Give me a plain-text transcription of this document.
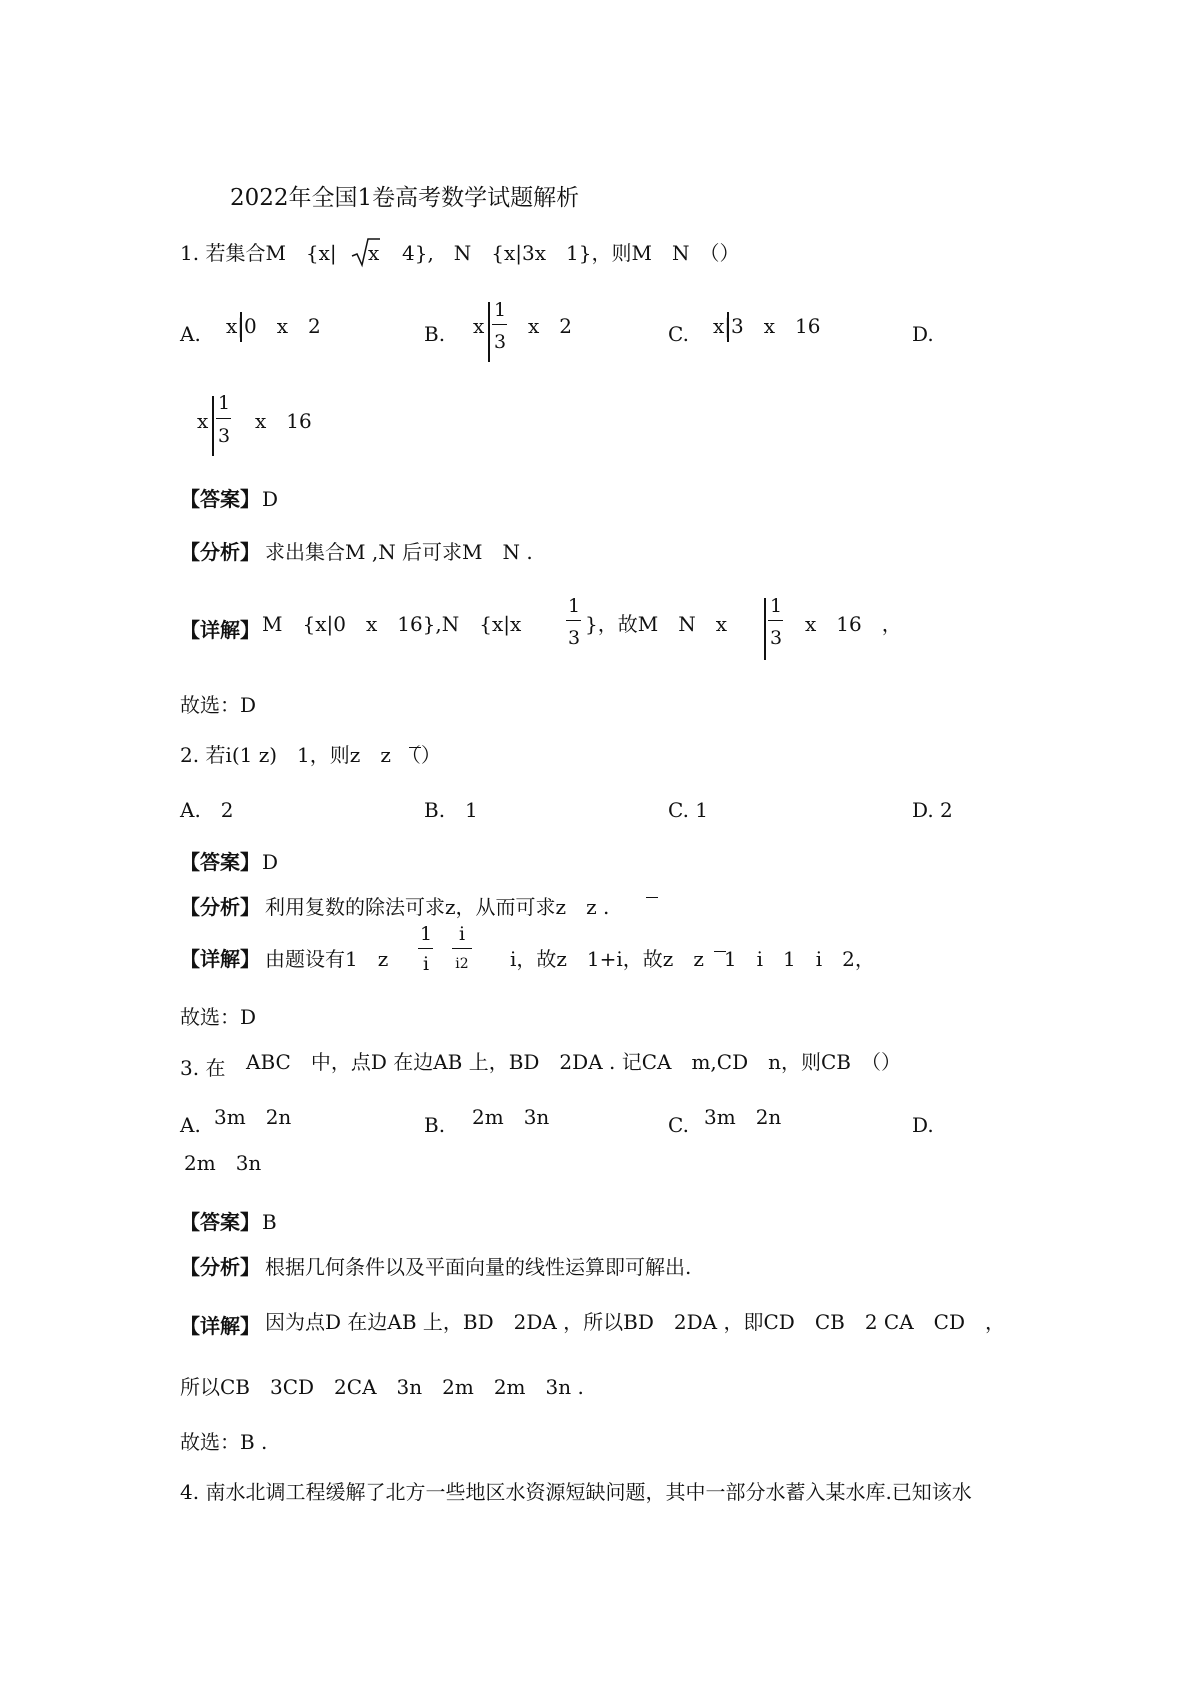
2022年全国1卷高考数学试题解析
1. 若集合M　{x| x 4},　N　{x|3x　1}，则M　N　（）
A. x|0　x　2	B. x
1
3
x　2	C. x|3　x　16	D.
x
1
3
x　16
【答案】 D
【分析】 求出集合M ,N 后可求M　N .
【详解】 M　{x|0　x　16},N　{x|x
1
3
}，故M　N　x
1
3
x　16　，
故选：D
2. 若i(1 z)　1，则z　z　（）
A.　2	B.　1	C. 1	D. 2
【答案】 D
【分析】 利用复数的除法可求z，从而可求z　z .
【详解】 由题设有1　z
1
i
i
i2 i，故z　1+i，故z　z　1　i　1　i　2，
故选：D
3. 在 ABC　中，点D 在边AB 上，BD　2DA . 记CA　m,CD　n，则CB　（）
A. 3m　2n	B. 2m　3n	C. 3m　2n	D.
2m　3n
【答案】 B
【分析】 根据几何条件以及平面向量的线性运算即可解出.
【详解】 因为点D 在边AB 上，BD　2DA ，所以BD　2DA ，即CD　CB　2 CA　CD　，
所以CB　3CD　2CA　3n　2m　2m　3n .
故选：B .
4. 南水北调工程缓解了北方一些地区水资源短缺问题，其中一部分水蓄入某水库.已知该水
